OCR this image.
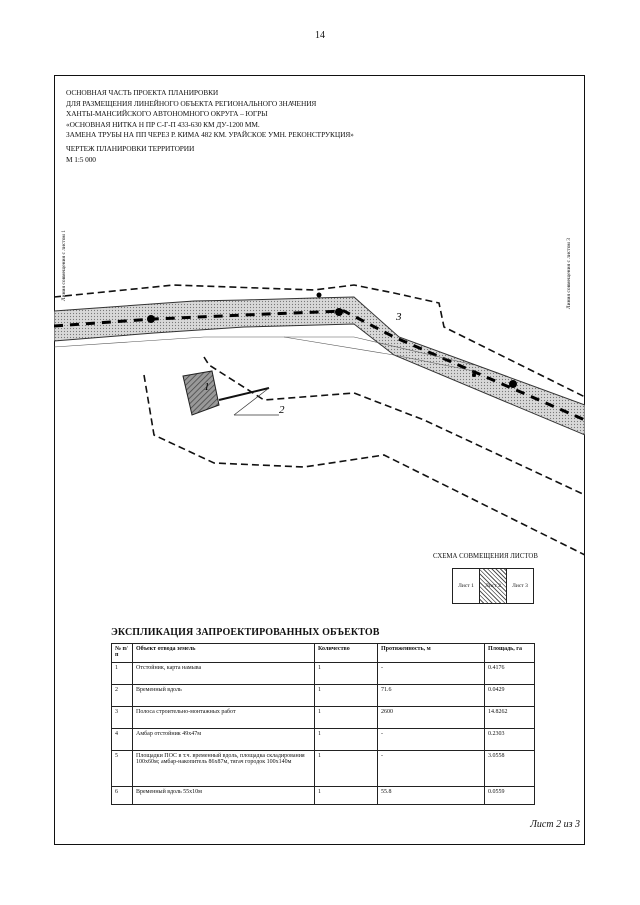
14
ОСНОВНАЯ ЧАСТЬ ПРОЕКТА ПЛАНИРОВКИ
ДЛЯ РАЗМЕЩЕНИЯ ЛИНЕЙНОГО ОБЪЕКТА РЕГИОНАЛЬНОГО ЗНАЧЕНИЯ
ХАНТЫ-МАНСИЙСКОГО АВТОНОМНОГО ОКРУГА – ЮГРЫ
«ОСНОВНАЯ НИТКА Н ПР С-Г-П 433-630 КМ ДУ-1200 ММ.
ЗАМЕНА ТРУБЫ НА ПП ЧЕРЕЗ Р. КИМА 482 КМ. УРАЙСКОЕ УМН. РЕКОНСТРУКЦИЯ»
ЧЕРТЕЖ ПЛАНИРОВКИ ТЕРРИТОРИИ
М 1:5 000
1
2
3
Линия совмещения с листом 1	Линия совмещения с листом 3
СХЕМА СОВМЕЩЕНИЯ ЛИСТОВ
Лист 1	Лист 2	Лист 3
ЭКСПЛИКАЦИЯ ЗАПРОЕКТИРОВАННЫХ ОБЪЕКТОВ
№ п/п	Объект отвода земель	Количество	Протяженность, м	Площадь, га
1	Отстойник, карта намыва	1	-	0.4176
2	Временный вдоль	1	71.6	0.0429
3	Полоса строительно-монтажных работ	1	2600	14.8262
4	Амбар отстойник 49x47м	1	-	0.2303
5	Площадки ПОС в т.ч. временный вдоль, площадка складирования 100х60м; амбар-накопитель 86х87м, тягач городок 100х140м	1	-	3.0558
6	Временный вдоль 55х10м	1	55.8	0.0559
Лист 2 из 3
